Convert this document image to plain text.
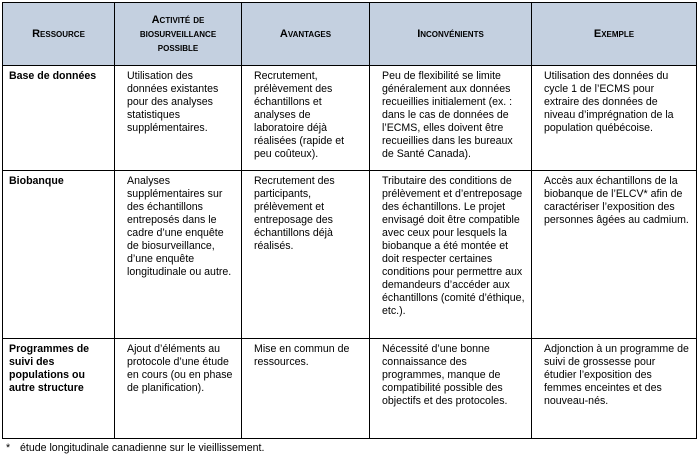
Ressource	Activité de biosurveillance possible	Avantages	Inconvénients	Exemple

Base de données	Utilisation des données existantes pour des analyses statistiques supplémentaires.	Recrutement, prélèvement des échantillons et analyses de laboratoire déjà réalisées (rapide et peu coûteux).	Peu de flexibilité se limite généralement aux données recueillies initialement (ex. : dans le cas de données de l’ECMS, elles doivent être recueillies dans les bureaux de Santé Canada).	Utilisation des données du cycle 1 de l’ECMS pour extraire des données de niveau d’imprégnation de la population québécoise.

Biobanque	Analyses supplémentaires sur des échantillons entreposés dans le cadre d’une enquête de biosurveillance, d’une enquête longitudinale ou autre.	Recrutement des participants, prélèvement et entreposage des échantillons déjà réalisés.	Tributaire des conditions de prélèvement et d’entreposage des échantillons. Le projet envisagé doit être compatible avec ceux pour lesquels la biobanque a été montée et doit respecter certaines conditions pour permettre aux demandeurs d’accéder aux échantillons (comité d’éthique, etc.).	Accès aux échantillons de la biobanque de l’ELCV* afin de caractériser l’exposition des personnes âgées au cadmium.

Programmes de suivi des populations ou autre structure	Ajout d’éléments au protocole d’une étude en cours (ou en phase de planification).	Mise en commun de ressources.	Nécessité d’une bonne connaissance des programmes, manque de compatibilité possible des objectifs et des protocoles.	Adjonction à un programme de suivi de grossesse pour étudier l’exposition des femmes enceintes et des nouveau-nés.
* étude longitudinale canadienne sur le vieillissement.
